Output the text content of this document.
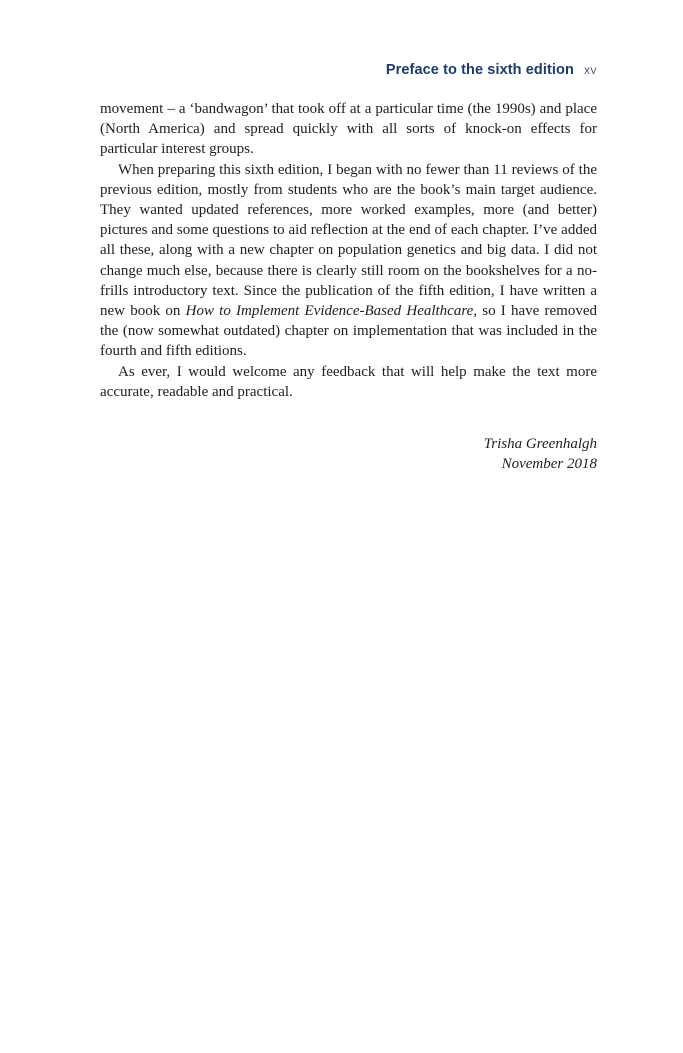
Preface to the sixth edition xv

movement – a ‘bandwagon’ that took off at a particular time (the 1990s) and place (North America) and spread quickly with all sorts of knock-on effects for particular interest groups.

When preparing this sixth edition, I began with no fewer than 11 reviews of the previous edition, mostly from students who are the book’s main target audience. They wanted updated references, more worked examples, more (and better) pictures and some questions to aid reflection at the end of each chapter. I’ve added all these, along with a new chapter on population genetics and big data. I did not change much else, because there is clearly still room on the bookshelves for a no-frills introductory text. Since the publication of the fifth edition, I have written a new book on How to Implement Evidence-Based Healthcare, so I have removed the (now somewhat outdated) chapter on implementation that was included in the fourth and fifth editions.

As ever, I would welcome any feedback that will help make the text more accurate, readable and practical.

Trisha Greenhalgh
November 2018
